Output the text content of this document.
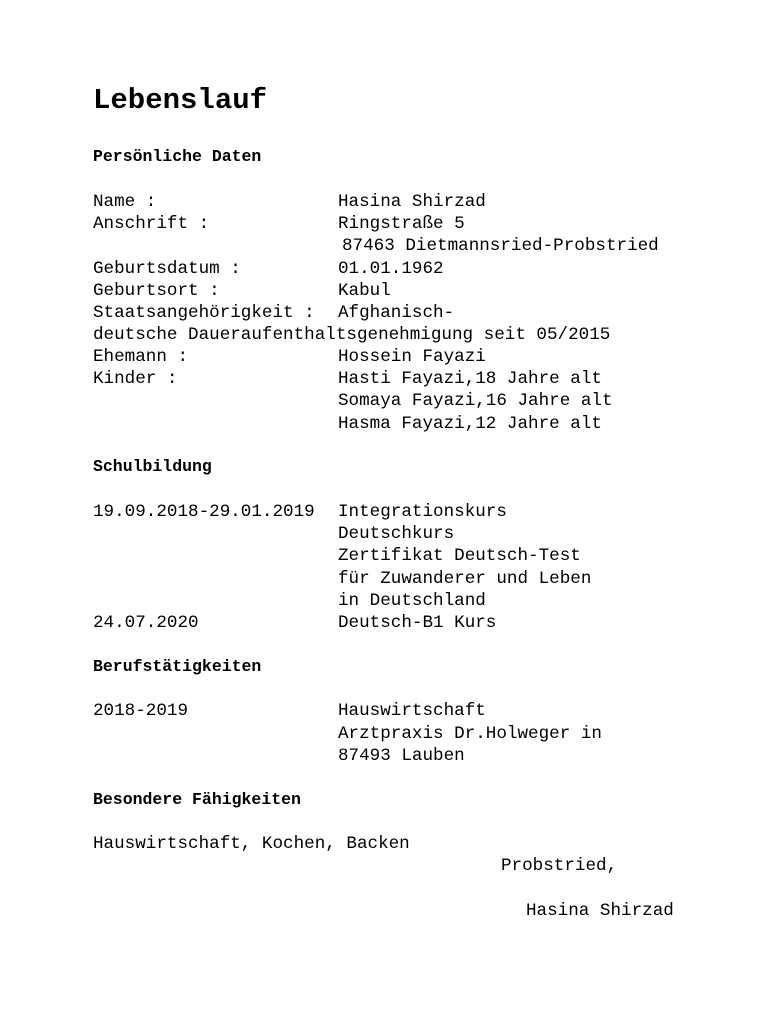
Lebenslauf
Persönliche Daten
Name :	Hasina Shirzad
Anschrift :	Ringstraße 5
87463 Dietmannsried-Probstried
Geburtsdatum :	01.01.1962
Geburtsort :	Kabul
Staatsangehörigkeit : Afghanisch-
deutsche Daueraufenthaltsgenehmigung seit 05/2015
Ehemann :	Hossein Fayazi
Kinder :	Hasti Fayazi,18 Jahre alt
Somaya Fayazi,16 Jahre alt
Hasma Fayazi,12 Jahre alt
Schulbildung
19.09.2018-29.01.2019 Integrationskurs
Deutschkurs
Zertifikat Deutsch-Test
für Zuwanderer und Leben
in Deutschland
24.07.2020	Deutsch-B1 Kurs
Berufstätigkeiten
2018-2019	Hauswirtschaft
Arztpraxis Dr.Holweger in
87493 Lauben
Besondere Fähigkeiten
Hauswirtschaft, Kochen, Backen
Probstried,
Hasina Shirzad
